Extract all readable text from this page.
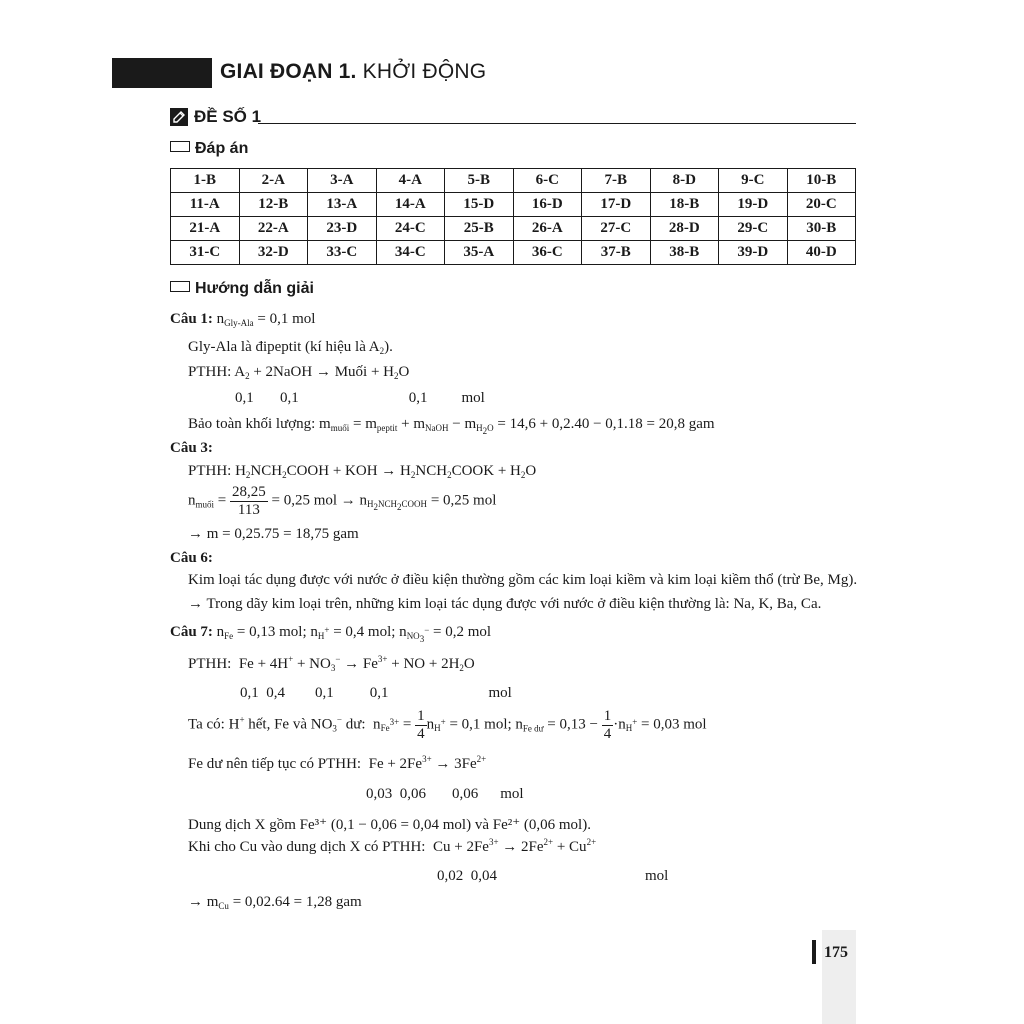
GIAI ĐOẠN 1. KHỞI ĐỘNG
ĐỀ SỐ 1
Đáp án
1-B	2-A	3-A	4-A	5-B	6-C	7-B	8-D	9-C	10-B
11-A	12-B	13-A	14-A	15-D	16-D	17-D	18-B	19-D	20-C
21-A	22-A	23-D	24-C	25-B	26-A	27-C	28-D	29-C	30-B
31-C	32-D	33-C	34-C	35-A	36-C	37-B	38-B	39-D	40-D
Hướng dẫn giải
Câu 1: $n_{Gly-Ala} = 0,1$ mol
Gly-Ala là đipeptit (kí hiệu là $A_2$).
PTHH: $A_2$ + 2NaOH → Muối + $H_2O$
0,1       0,1	0,1 mol
Bảo toàn khối lượng: $m_{muối} = m_{peptit} + m_{NaOH} - m_{H_2O} = 14,6 + 0,2.40 - 0,1.18 = 20,8$ gam
Câu 3:
PTHH: $H_2NCH_2COOH$ + KOH → $H_2NCH_2COOK + H_2O$
$n_{muối} = \frac{28,25}{113} = 0,25$ mol → $n_{H_2NCH_2COOH} = 0,25$ mol
→ m = 0,25.75 = 18,75 gam
Câu 6:
Kim loại tác dụng được với nước ở điều kiện thường gồm các kim loại kiềm và kim loại kiềm thổ (trừ Be, Mg).
→ Trong dãy kim loại trên, những kim loại tác dụng được với nước ở điều kiện thường là: Na, K, Ba, Ca.
Câu 7: $n_{Fe} = 0,13$ mol; $n_{H^+} = 0,4$ mol; $n_{NO_3^-} = 0,2$ mol
PTHH:  $Fe + 4H^+ + NO_3^- \to Fe^{3+}$ + NO + $2H_2O$
0,1  0,4 0,1 0,1	mol
Ta có: H+ hết, Fe và $NO_3^-$ dư:  $n_{Fe^{3+}} = \frac{1}{4} n_{H^+} = 0,1$ mol; $n_{Fe dư} = 0,13 - \frac{1}{4} \cdot n_{H^+} = 0,03$ mol
Fe dư nên tiếp tục có PTHH:  $Fe + 2Fe^{3+} \to 3Fe^{2+}$
0,03  0,06 0,06 mol
Dung dịch X gồm Fe³⁺ (0,1 − 0,06 = 0,04 mol) và Fe²⁺ (0,06 mol).
Khi cho Cu vào dung dịch X có PTHH:  $Cu + 2Fe^{3+} \to 2Fe^{2+} + Cu^{2+}$
0,02  0,04	mol
→ $m_{Cu} = 0,02.64 = 1,28$ gam
175
